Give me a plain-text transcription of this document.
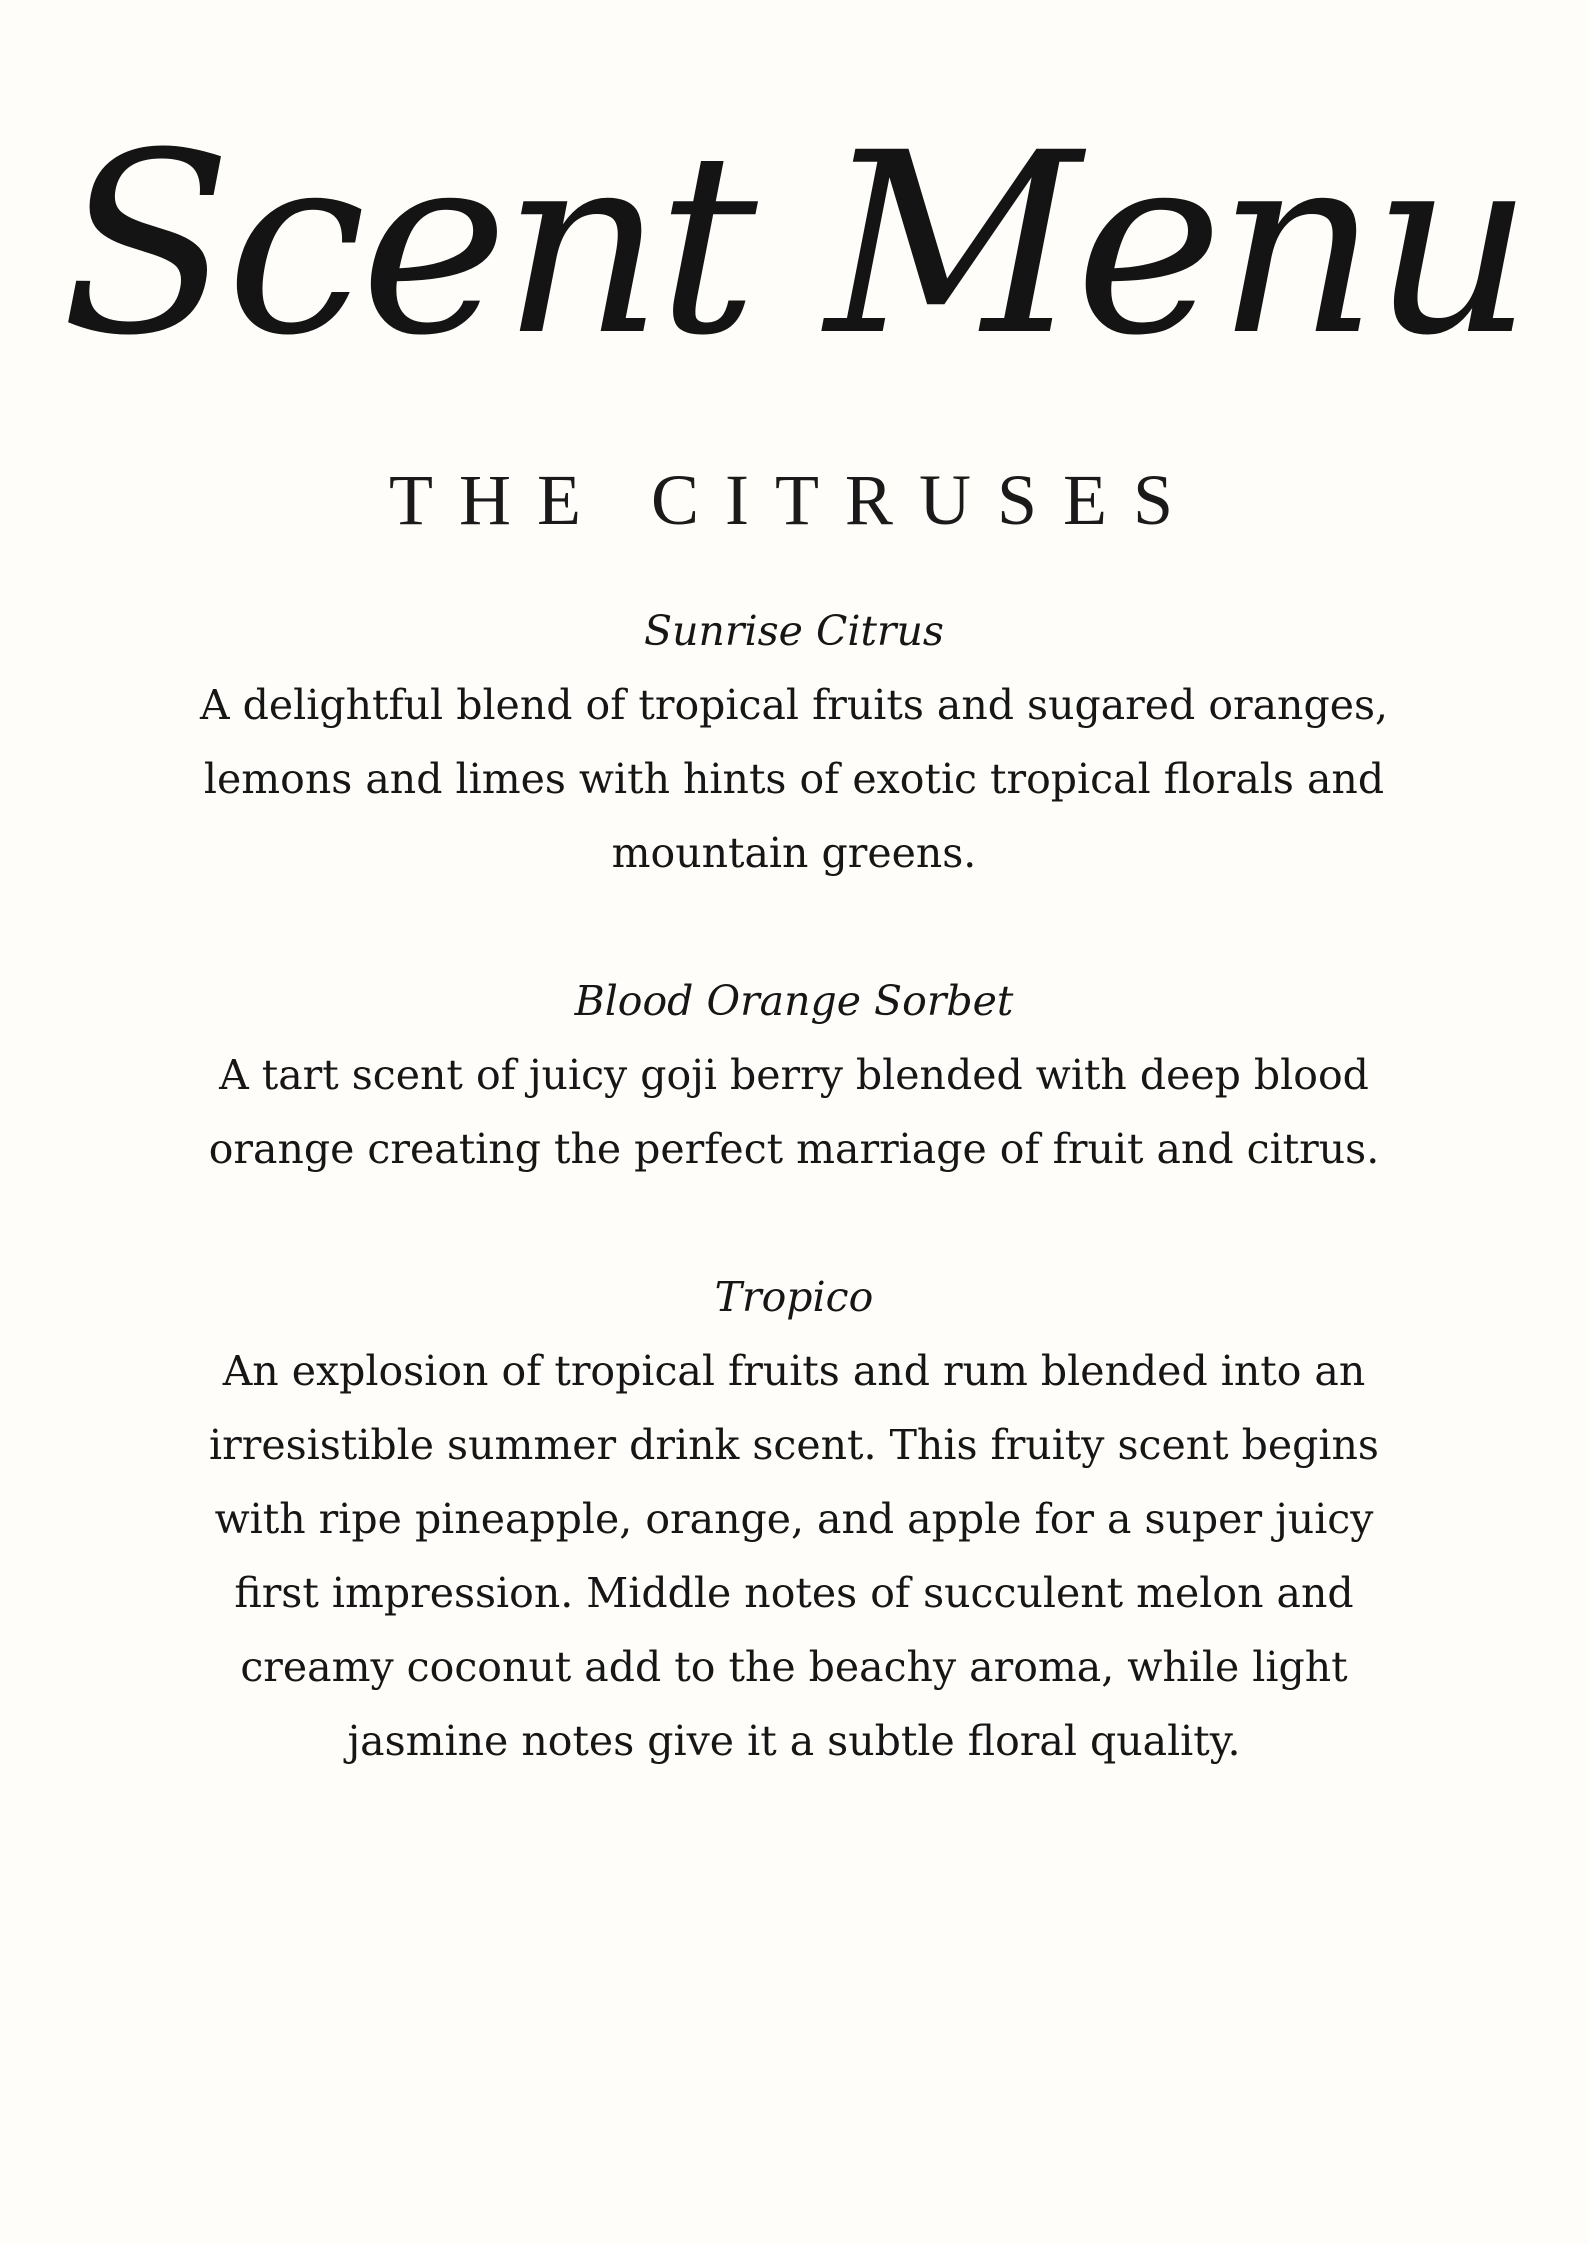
Scent Menu
THE CITRUSES
Sunrise Citrus
A delightful blend of tropical fruits and sugared oranges, lemons and limes with hints of exotic tropical florals and mountain greens.
Blood Orange Sorbet
A tart scent of juicy goji berry blended with deep blood orange creating the perfect marriage of fruit and citrus.
Tropico
An explosion of tropical fruits and rum blended into an irresistible summer drink scent. This fruity scent begins with ripe pineapple, orange, and apple for a super juicy first impression. Middle notes of succulent melon and creamy coconut add to the beachy aroma, while light jasmine notes give it a subtle floral quality.
